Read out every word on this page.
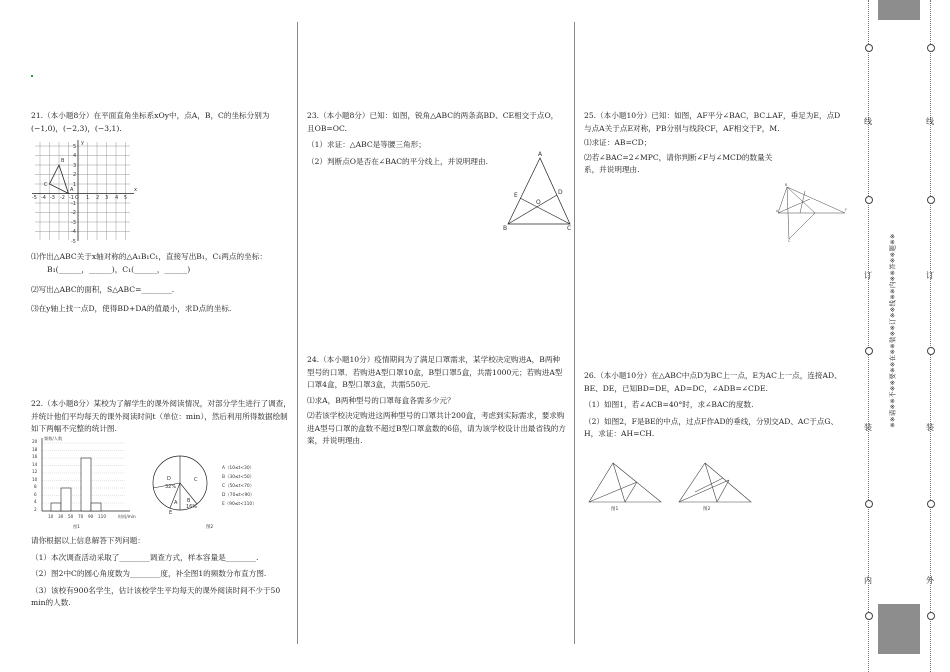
21.（本小题8分）在平面直角坐标系xOy中，点A，B，C的坐标分别为(−1,0)，(−2,3)，(−3,1).

B
C
A	x
y
-5 -4 -3 -2 -1 O 1 2 3 4 5
5
4
3
2
1
-1
-2
-3
-4
-5

⑴作出△ABC关于x轴对称的△A₁B₁C₁，直接写出B₁，C₁两点的坐标：

B₁(______，______)，C₁(______，______)

⑵写出△ABC的面积，S△ABC=________.

⑶在y轴上找一点D，使得BD+DA的值最小，求D点的坐标.

22.（本小题8分）某校为了解学生的课外阅读情况，对部分学生进行了调查，并统计他们平均每天的课外阅读时间t（单位：min），然后利用所得数据绘制如下两幅不完整的统计图.

频数/人数
时间/min
20
18
16
14
12
10
8
6
4
2
10 30 50 70 90 110
图1
D
32%
C
A B
16%
E
A（10≤t<30）
B（30≤t<50）
C（50≤t<70）
D（70≤t<90）
E（90≤t<110）
图2

请你根据以上信息解答下列问题：

（1）本次调查活动采取了________调查方式，样本容量是________.

（2）图2中C的圆心角度数为________度，补全图1的频数分布直方图.

（3）该校有900名学生，估计该校学生平均每天的课外阅读时间不少于50 min的人数.

23.（本小题8分）已知：如图，锐角△ABC的两条高BD、CE相交于点O，且OB=OC.

（1）求证：△ABC是等腰三角形；

（2）判断点O是否在∠BAC的平分线上，并说明理由.

A
B	C
D
E
O

24.（本小题10分）疫情期间为了满足口罩需求，某学校决定购进A，B两种型号的口罩．若购进A型口罩10盒，B型口罩5盒，共需1000元；若购进A型口罩4盒，B型口罩3盒，共需550元.

⑴求A，B两种型号的口罩每盒各需多少元？

⑵若该学校决定购进这两种型号的口罩共计200盒，考虑到实际需求，要求购进A型号口罩的盒数不超过B型口罩盒数的6倍，请为该学校设计出最省钱的方案，并说明理由.

25.（本小题10分）已知：如图，AF平分∠BAC，BC⊥AF，垂足为E，点D与点A关于点E对称，PB分别与线段CF，AF相交于P，M.

⑴求证：AB=CD；

⑵若∠BAC=2∠MPC，请你判断∠F与∠MCD的数量关系，并说明理由.

A
B
F
C

26.（本小题10分）在△ABC中点D为BC上一点，E为AC上一点，连接AD、BE、DE，已知BD=DE，AD=DC，∠ADB=∠CDE.

（1）如图1，若∠ACB=40°时，求∠BAC的度数.

（2）如图2，F是BE的中点，过点F作AD的垂线，分别交AD、AC于点G、H，求证：AH=CH.

图1	图2
线
订
装
内
线
订
装
外
※※请※※不※※要※※在※※装※※订※※线※※内※※答※※题※※
